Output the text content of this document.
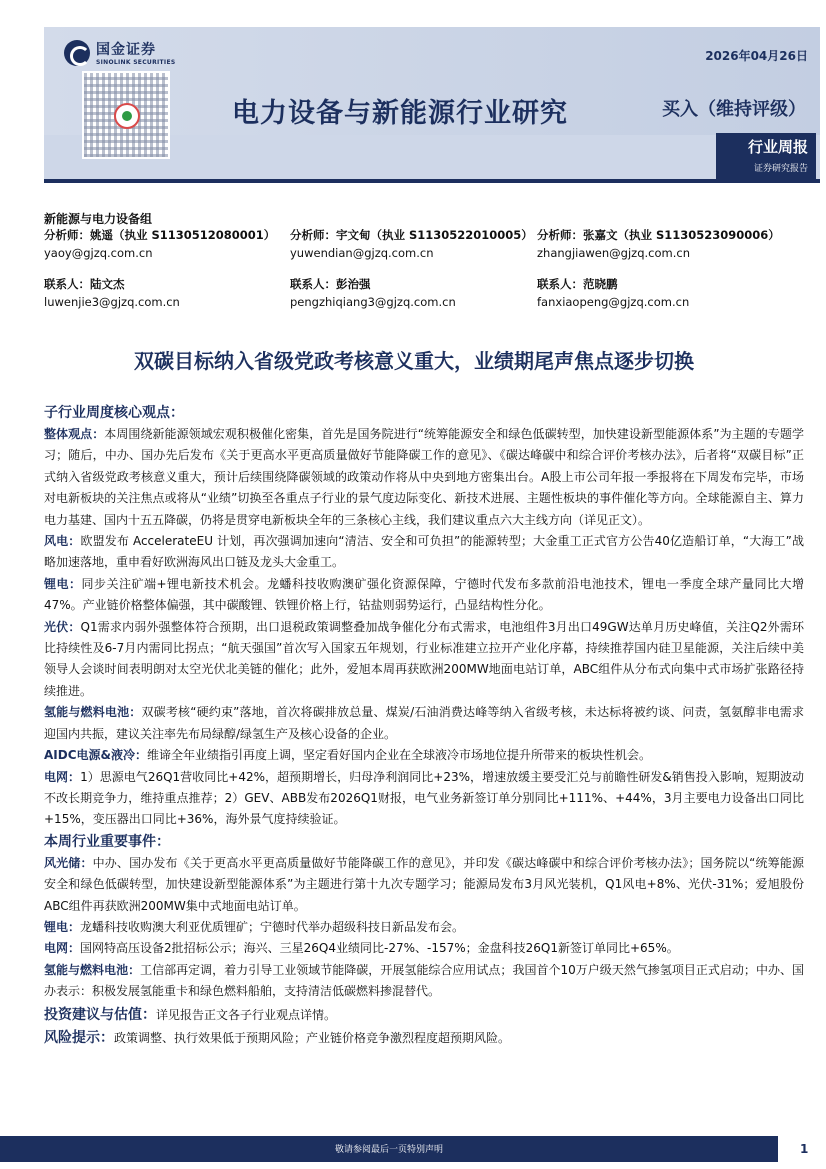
国金证券
SINOLINK SECURITIES	2026年04月26日
电力设备与新能源行业研究	买入（维持评级）
行业周报
证券研究报告
新能源与电力设备组
分析师：姚遥（执业 S1130512080001）
yaoy@gjzq.com.cn
分析师：宇文甸（执业 S1130522010005）
yuwendian@gjzq.com.cn
分析师：张嘉文（执业 S1130523090006）
zhangjiawen@gjzq.com.cn
联系人：陆文杰
luwenjie3@gjzq.com.cn
联系人：彭治强
pengzhiqiang3@gjzq.com.cn
联系人：范晓鹏
fanxiaopeng@gjzq.com.cn
双碳目标纳入省级党政考核意义重大，业绩期尾声焦点逐步切换
子行业周度核心观点：
整体观点：本周围绕新能源领域宏观积极催化密集，首先是国务院进行“统筹能源安全和绿色低碳转型，加快建设新型能源体系”为主题的专题学习；随后，中办、国办先后发布《关于更高水平更高质量做好节能降碳工作的意见》、《碳达峰碳中和综合评价考核办法》，后者将“双碳目标”正式纳入省级党政考核意义重大，预计后续围绕降碳领域的政策动作将从中央到地方密集出台。A股上市公司年报一季报将在下周发布完毕，市场对电新板块的关注焦点或将从“业绩”切换至各重点子行业的景气度边际变化、新技术进展、主题性板块的事件催化等方向。全球能源自主、算力电力基建、国内十五五降碳，仍将是贯穿电新板块全年的三条核心主线，我们建议重点六大主线方向（详见正文）。
风电：欧盟发布 AccelerateEU 计划，再次强调加速向“清洁、安全和可负担”的能源转型；大金重工正式官方公告40亿造船订单，“大海工”战略加速落地，重申看好欧洲海风出口链及龙头大金重工。
锂电：同步关注矿端+锂电新技术机会。龙蟠科技收购澳矿强化资源保障，宁德时代发布多款前沿电池技术，锂电一季度全球产量同比大增47%。产业链价格整体偏强，其中碳酸锂、铁锂价格上行，钴盐则弱势运行，凸显结构性分化。
光伏：Q1需求内弱外强整体符合预期，出口退税政策调整叠加战争催化分布式需求，电池组件3月出口49GW达单月历史峰值，关注Q2外需环比持续性及6-7月内需同比拐点；“航天强国”首次写入国家五年规划，行业标准建立拉开产业化序幕，持续推荐国内硅卫星能源，关注后续中美领导人会谈时间表明朗对太空光伏北美链的催化；此外，爱旭本周再获欧洲200MW地面电站订单，ABC组件从分布式向集中式市场扩张路径持续推进。
氢能与燃料电池：双碳考核“硬约束”落地，首次将碳排放总量、煤炭/石油消费达峰等纳入省级考核，未达标将被约谈、问责，氢氨醇非电需求迎国内共振，建议关注率先布局绿醇/绿氢生产及核心设备的企业。
AIDC电源&液冷：维谛全年业绩指引再度上调，坚定看好国内企业在全球液冷市场地位提升所带来的板块性机会。
电网：1）思源电气26Q1营收同比+42%，超预期增长，归母净利润同比+23%，增速放缓主要受汇兑与前瞻性研发&销售投入影响，短期波动不改长期竞争力，维持重点推荐；2）GEV、ABB发布2026Q1财报，电气业务新签订单分别同比+111%、+44%，3月主要电力设备出口同比+15%，变压器出口同比+36%，海外景气度持续验证。
本周行业重要事件：
风光储：中办、国办发布《关于更高水平更高质量做好节能降碳工作的意见》，并印发《碳达峰碳中和综合评价考核办法》；国务院以“统筹能源安全和绿色低碳转型，加快建设新型能源体系”为主题进行第十九次专题学习；能源局发布3月风光装机，Q1风电+8%、光伏-31%；爱旭股份ABC组件再获欧洲200MW集中式地面电站订单。
锂电：龙蟠科技收购澳大利亚优质锂矿；宁德时代举办超级科技日新品发布会。
电网：国网特高压设备2批招标公示；海兴、三星26Q4业绩同比-27%、-157%；金盘科技26Q1新签订单同比+65%。
氢能与燃料电池：工信部再定调，着力引导工业领域节能降碳，开展氢能综合应用试点；我国首个10万户级天然气掺氢项目正式启动；中办、国办表示：积极发展氢能重卡和绿色燃料船舶，支持清洁低碳燃料掺混替代。
投资建议与估值：详见报告正文各子行业观点详情。
风险提示：政策调整、执行效果低于预期风险；产业链价格竞争激烈程度超预期风险。
敬请参阅最后一页特别声明	1
